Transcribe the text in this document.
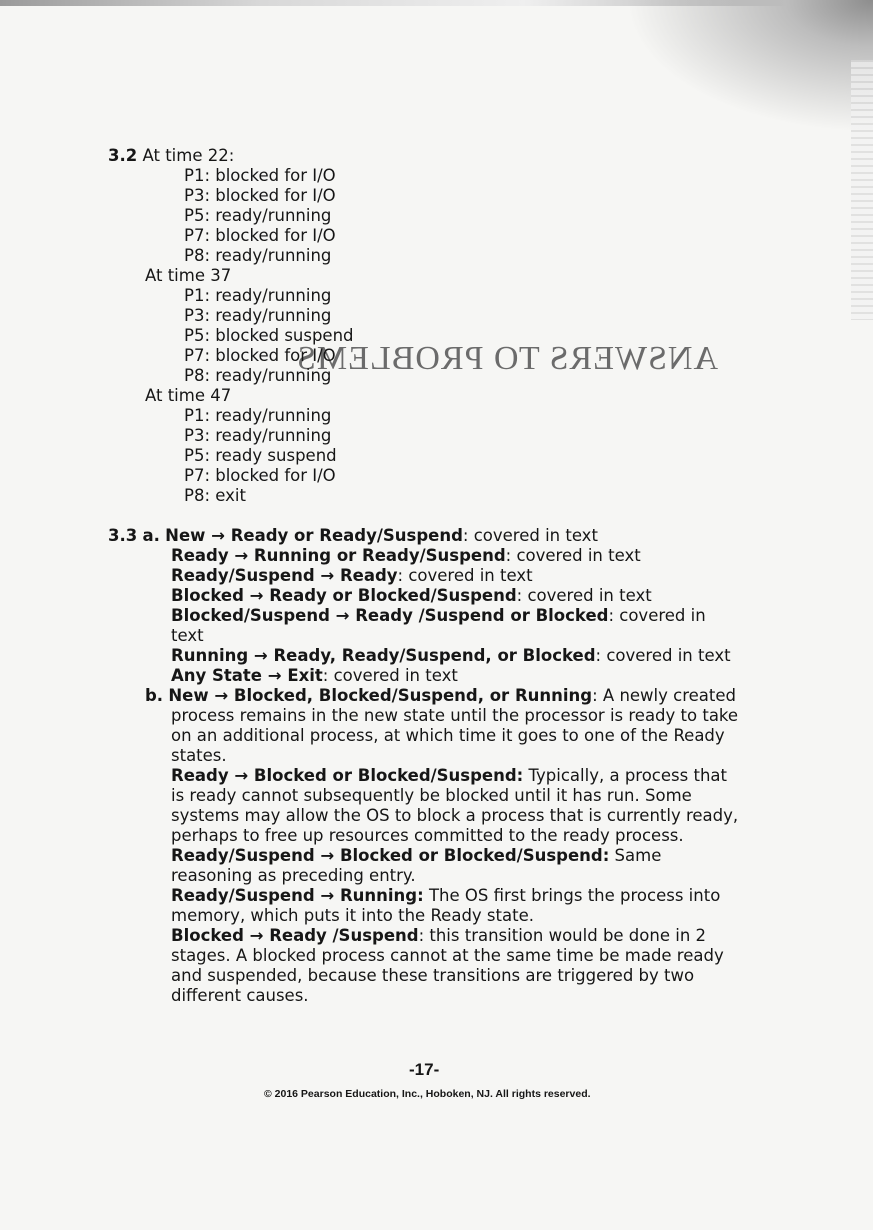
ANSWERS TO PROBLEMS
3.2 At time 22:
P1: blocked for I/O
P3: blocked for I/O
P5: ready/running
P7: blocked for I/O
P8: ready/running
At time 37
P1: ready/running
P3: ready/running
P5: blocked suspend
P7: blocked for I/O
P8: ready/running
At time 47
P1: ready/running
P3: ready/running
P5: ready suspend
P7: blocked for I/O
P8: exit
3.3 a. New → Ready or Ready/Suspend: covered in text
Ready → Running or Ready/Suspend: covered in text
Ready/Suspend → Ready: covered in text
Blocked → Ready or Blocked/Suspend: covered in text
Blocked/Suspend → Ready /Suspend or Blocked: covered in
text
Running → Ready, Ready/Suspend, or Blocked: covered in text
Any State → Exit: covered in text
b. New → Blocked, Blocked/Suspend, or Running: A newly created
process remains in the new state until the processor is ready to take
on an additional process, at which time it goes to one of the Ready
states.
Ready → Blocked or Blocked/Suspend: Typically, a process that
is ready cannot subsequently be blocked until it has run. Some
systems may allow the OS to block a process that is currently ready,
perhaps to free up resources committed to the ready process.
Ready/Suspend → Blocked or Blocked/Suspend: Same
reasoning as preceding entry.
Ready/Suspend → Running: The OS first brings the process into
memory, which puts it into the Ready state.
Blocked → Ready /Suspend: this transition would be done in 2
stages. A blocked process cannot at the same time be made ready
and suspended, because these transitions are triggered by two
different causes.
-17-
© 2016 Pearson Education, Inc., Hoboken, NJ. All rights reserved.
